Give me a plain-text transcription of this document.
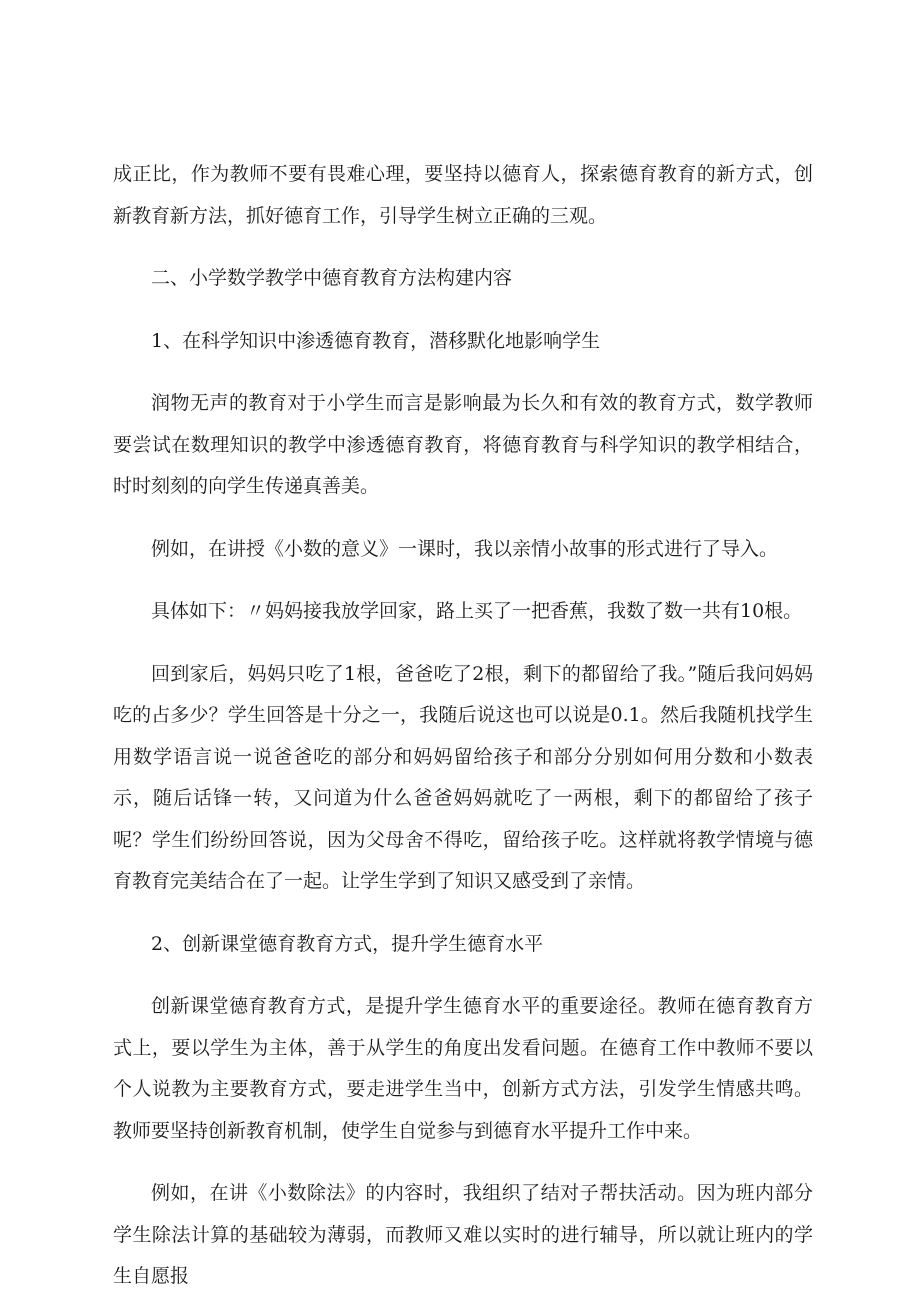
成正比，作为教师不要有畏难心理，要坚持以德育人，探索德育教育的新方式，创新教育新方法，抓好德育工作，引导学生树立正确的三观。

二、小学数学教学中德育教育方法构建内容

1、在科学知识中渗透德育教育，潜移默化地影响学生

润物无声的教育对于小学生而言是影响最为长久和有效的教育方式，数学教师要尝试在数理知识的教学中渗透德育教育，将德育教育与科学知识的教学相结合，时时刻刻的向学生传递真善美。

例如，在讲授《小数的意义》一课时，我以亲情小故事的形式进行了导入。

具体如下：〃妈妈接我放学回家，路上买了一把香蕉，我数了数一共有10根。

回到家后，妈妈只吃了1根，爸爸吃了2根，剩下的都留给了我。”随后我问妈妈吃的占多少？学生回答是十分之一，我随后说这也可以说是0.1。然后我随机找学生用数学语言说一说爸爸吃的部分和妈妈留给孩子和部分分别如何用分数和小数表示，随后话锋一转，又问道为什么爸爸妈妈就吃了一两根，剩下的都留给了孩子呢？学生们纷纷回答说，因为父母舍不得吃，留给孩子吃。这样就将教学情境与德育教育完美结合在了一起。让学生学到了知识又感受到了亲情。

2、创新课堂德育教育方式，提升学生德育水平

创新课堂德育教育方式，是提升学生德育水平的重要途径。教师在德育教育方式上，要以学生为主体，善于从学生的角度出发看问题。在德育工作中教师不要以个人说教为主要教育方式，要走进学生当中，创新方式方法，引发学生情感共鸣。教师要坚持创新教育机制，使学生自觉参与到德育水平提升工作中来。

例如，在讲《小数除法》的内容时，我组织了结对子帮扶活动。因为班内部分学生除法计算的基础较为薄弱，而教师又难以实时的进行辅导，所以就让班内的学生自愿报
